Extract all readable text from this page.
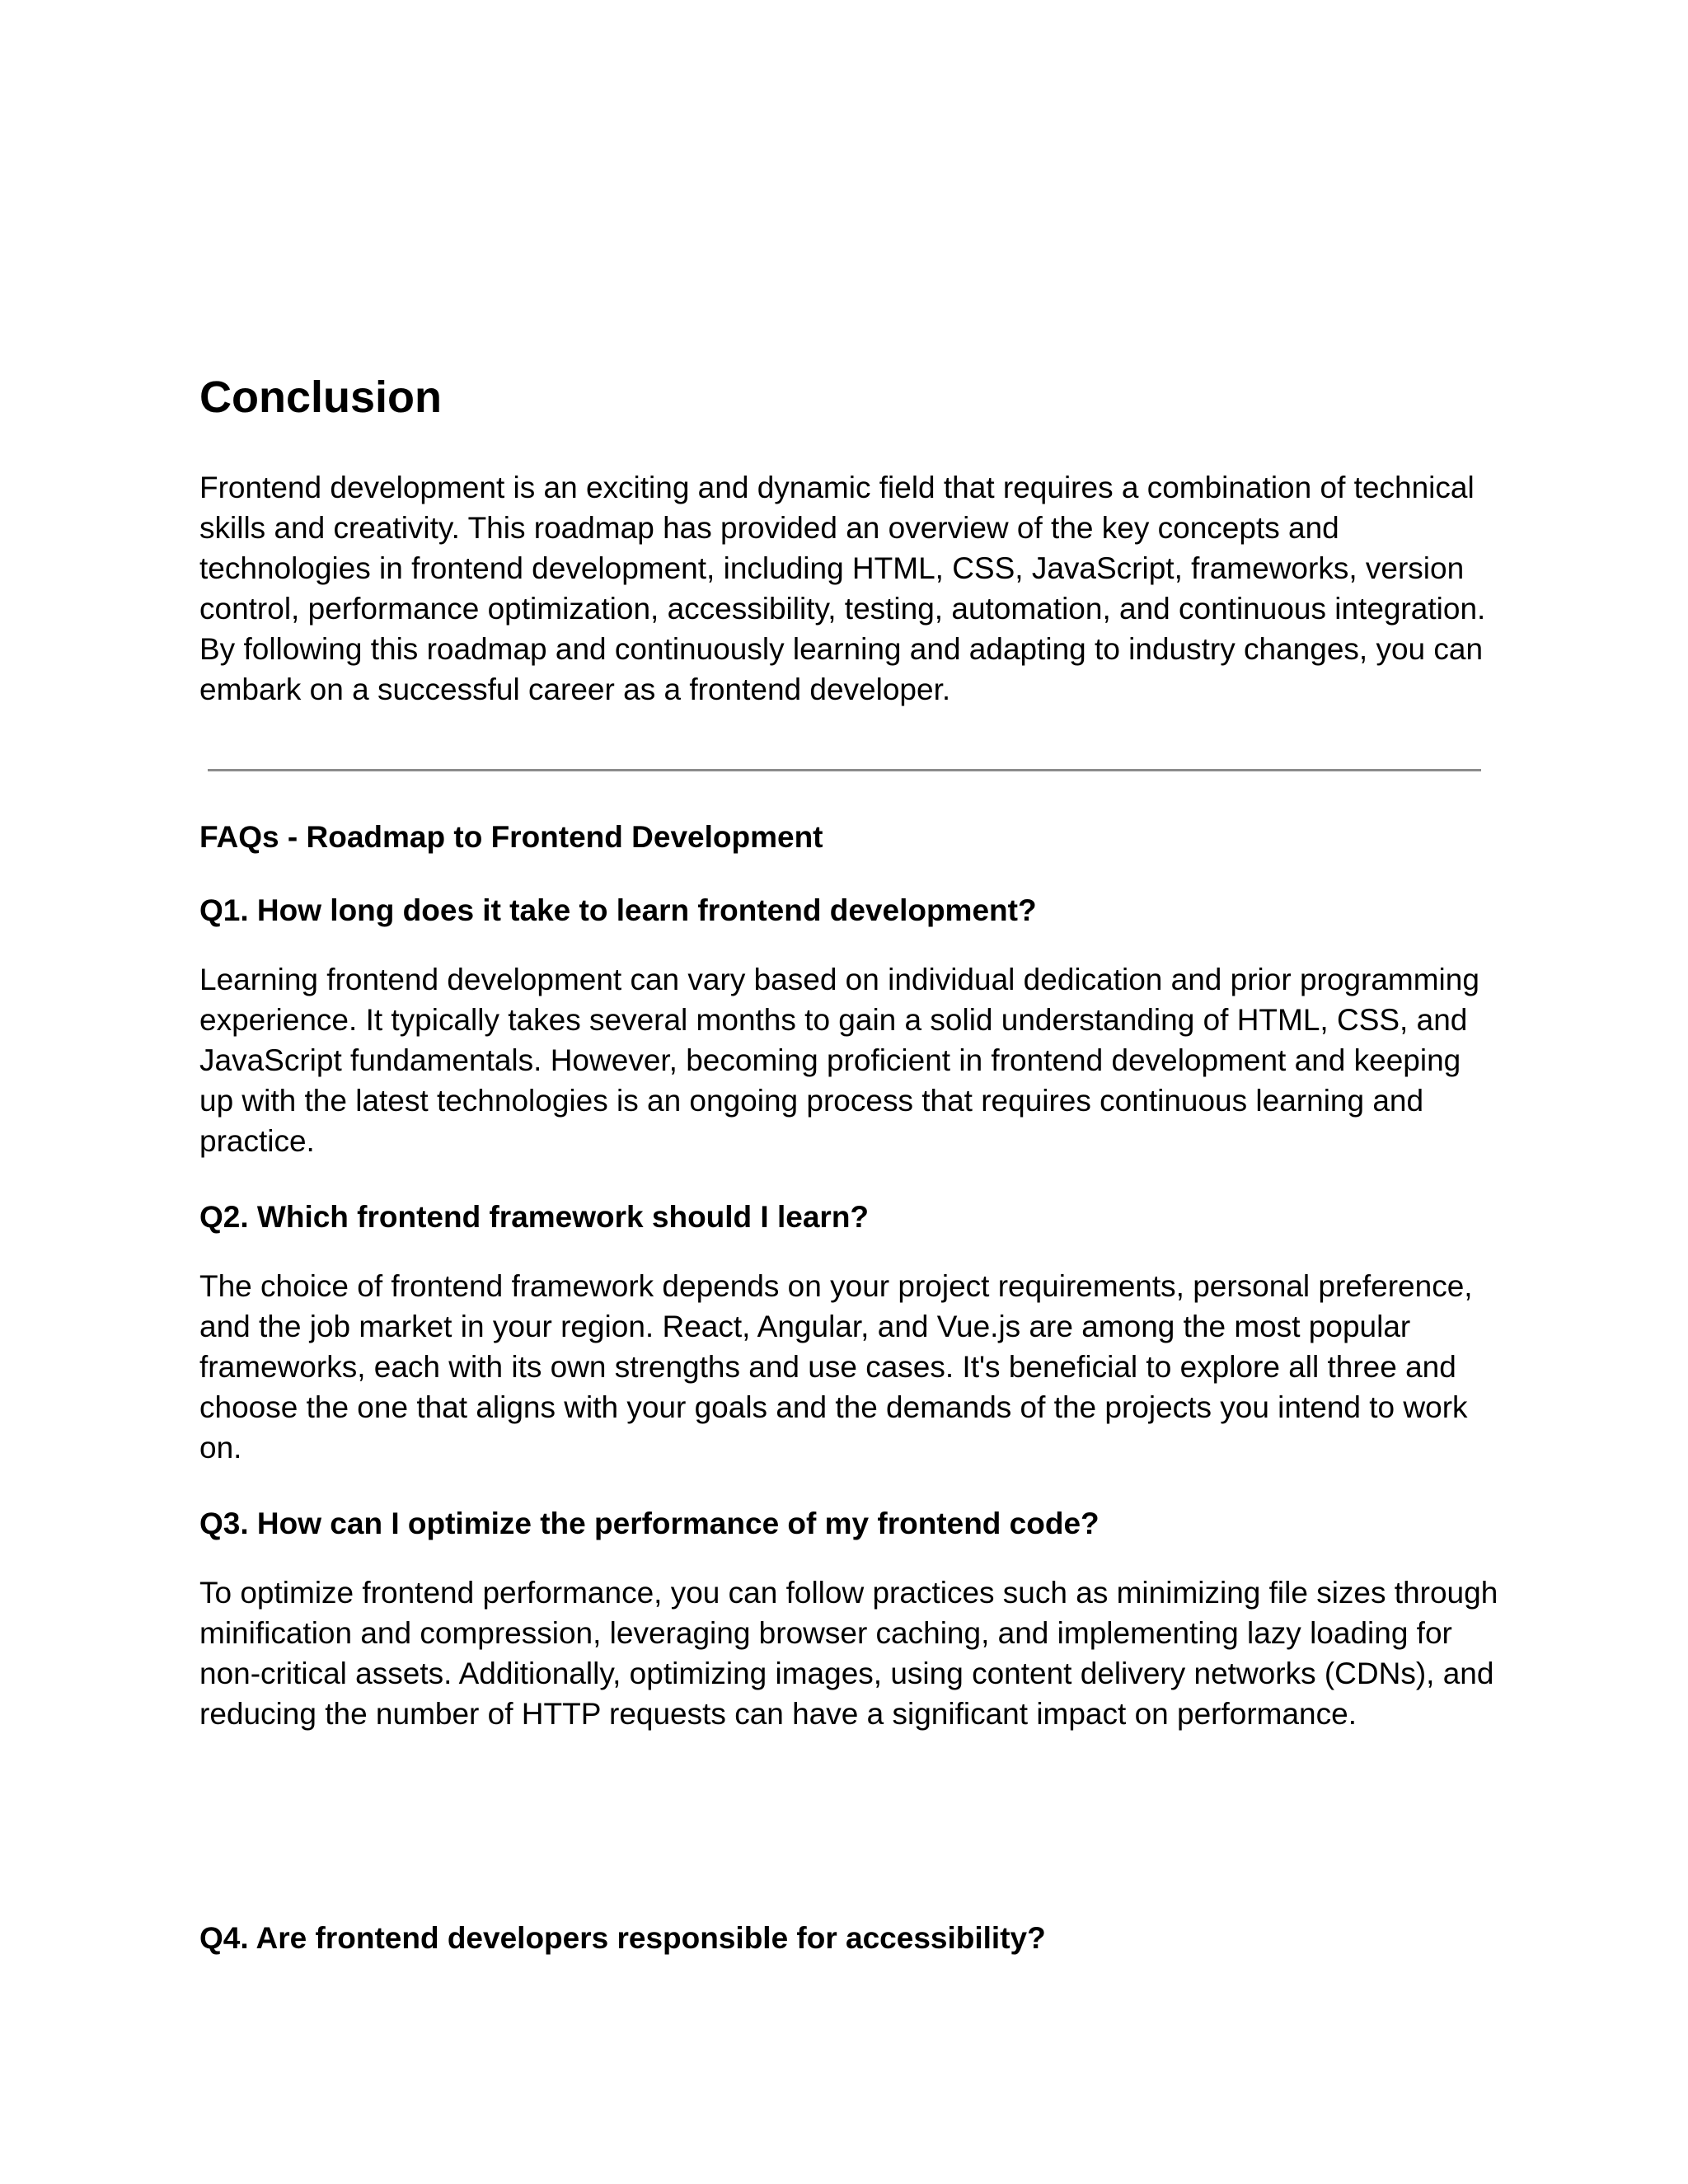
Conclusion

Frontend development is an exciting and dynamic field that requires a combination of technical
skills and creativity. This roadmap has provided an overview of the key concepts and
technologies in frontend development, including HTML, CSS, JavaScript, frameworks, version
control, performance optimization, accessibility, testing, automation, and continuous integration.
By following this roadmap and continuously learning and adapting to industry changes, you can
embark on a successful career as a frontend developer.

FAQs - Roadmap to Frontend Development
Q1. How long does it take to learn frontend development?

Learning frontend development can vary based on individual dedication and prior programming
experience. It typically takes several months to gain a solid understanding of HTML, CSS, and
JavaScript fundamentals. However, becoming proficient in frontend development and keeping
up with the latest technologies is an ongoing process that requires continuous learning and
practice.

Q2. Which frontend framework should I learn?

The choice of frontend framework depends on your project requirements, personal preference,
and the job market in your region. React, Angular, and Vue.js are among the most popular
frameworks, each with its own strengths and use cases. It's beneficial to explore all three and
choose the one that aligns with your goals and the demands of the projects you intend to work
on.

Q3. How can I optimize the performance of my frontend code?

To optimize frontend performance, you can follow practices such as minimizing file sizes through
minification and compression, leveraging browser caching, and implementing lazy loading for
non-critical assets. Additionally, optimizing images, using content delivery networks (CDNs), and
reducing the number of HTTP requests can have a significant impact on performance.

Q4. Are frontend developers responsible for accessibility?
